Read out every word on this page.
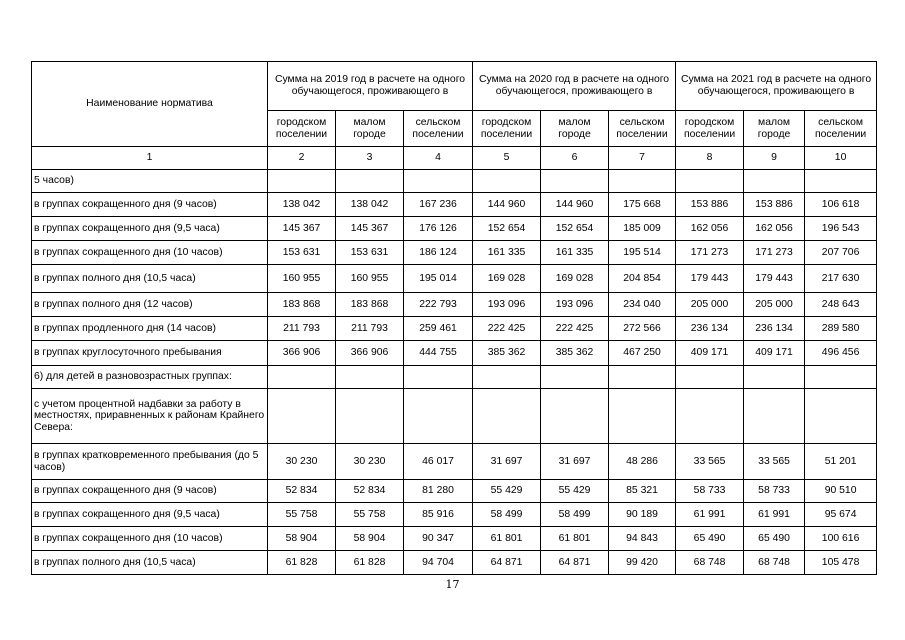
Наименование норматива	Сумма на 2019 год в расчете на одного обучающегося, проживающего в			Сумма на 2020 год в расчете на одного обучающегося, проживающего в			Сумма на 2021 год в расчете на одного обучающегося, проживающего в		
	городском поселении	малом городе	сельском поселении	городском поселении	малом городе	сельском поселении	городском поселении	малом городе	сельском поселении
1	2	3	4	5	6	7	8	9	10
5 часов)									
в группах сокращенного дня (9 часов)	138 042	138 042	167 236	144 960	144 960	175 668	153 886	153 886	106 618
в группах сокращенного дня (9,5 часа)	145 367	145 367	176 126	152 654	152 654	185 009	162 056	162 056	196 543
в группах сокращенного дня (10 часов)	153 631	153 631	186 124	161 335	161 335	195 514	171 273	171 273	207 706
в группах полного дня (10,5 часа)	160 955	160 955	195 014	169 028	169 028	204 854	179 443	179 443	217 630
в группах полного дня (12 часов)	183 868	183 868	222 793	193 096	193 096	234 040	205 000	205 000	248 643
в группах продленного дня (14 часов)	211 793	211 793	259 461	222 425	222 425	272 566	236 134	236 134	289 580
в группах круглосуточного пребывания	366 906	366 906	444 755	385 362	385 362	467 250	409 171	409 171	496 456
6) для детей в разновозрастных группах:									
с учетом процентной надбавки за работу в местностях, приравненных к районам Крайнего Севера:									
в группах кратковременного пребывания (до 5 часов)	30 230	30 230	46 017	31 697	31 697	48 286	33 565	33 565	51 201
в группах сокращенного дня (9 часов)	52 834	52 834	81 280	55 429	55 429	85 321	58 733	58 733	90 510
в группах сокращенного дня (9,5 часа)	55 758	55 758	85 916	58 499	58 499	90 189	61 991	61 991	95 674
в группах сокращенного дня (10 часов)	58 904	58 904	90 347	61 801	61 801	94 843	65 490	65 490	100 616
в группах полного дня (10,5 часа)	61 828	61 828	94 704	64 871	64 871	99 420	68 748	68 748	105 478
17
